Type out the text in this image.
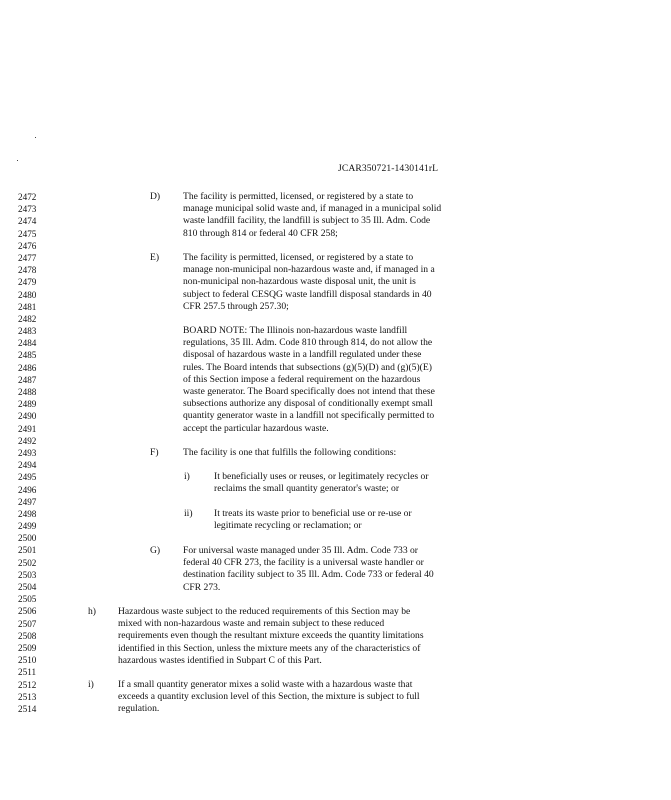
JCAR350721-1430141rL
2472
2473
2474
2475
2476
2477
2478
2479
2480
2481
2482
2483
2484
2485
2486
2487
2488
2489
2490
2491
2492
2493
2494
2495
2496
2497
2498
2499
2500
2501
2502
2503
2504
2505
2506
2507
2508
2509
2510
2511
2512
2513
2514
D) The facility is permitted, licensed, or registered by a state to
manage municipal solid waste and, if managed in a municipal solid
waste landfill facility, the landfill is subject to 35 Ill. Adm. Code
810 through 814 or federal 40 CFR 258;
E) The facility is permitted, licensed, or registered by a state to
manage non-municipal non-hazardous waste and, if managed in a
non-municipal non-hazardous waste disposal unit, the unit is
subject to federal CESQG waste landfill disposal standards in 40
CFR 257.5 through 257.30;
BOARD NOTE: The Illinois non-hazardous waste landfill
regulations, 35 Ill. Adm. Code 810 through 814, do not allow the
disposal of hazardous waste in a landfill regulated under these
rules. The Board intends that subsections (g)(5)(D) and (g)(5)(E)
of this Section impose a federal requirement on the hazardous
waste generator. The Board specifically does not intend that these
subsections authorize any disposal of conditionally exempt small
quantity generator waste in a landfill not specifically permitted to
accept the particular hazardous waste.
F)	The facility is one that fulfills the following conditions:
i)	It beneficially uses or reuses, or legitimately recycles or
reclaims the small quantity generator's waste; or
ii) It treats its waste prior to beneficial use or re-use or
legitimate recycling or reclamation; or
G) For universal waste managed under 35 Ill. Adm. Code 733 or
federal 40 CFR 273, the facility is a universal waste handler or
destination facility subject to 35 Ill. Adm. Code 733 or federal 40
CFR 273.
h) Hazardous waste subject to the reduced requirements of this Section may be
mixed with non-hazardous waste and remain subject to these reduced
requirements even though the resultant mixture exceeds the quantity limitations
identified in this Section, unless the mixture meets any of the characteristics of
hazardous wastes identified in Subpart C of this Part.
i)	If a small quantity generator mixes a solid waste with a hazardous waste that
exceeds a quantity exclusion level of this Section, the mixture is subject to full
regulation.
